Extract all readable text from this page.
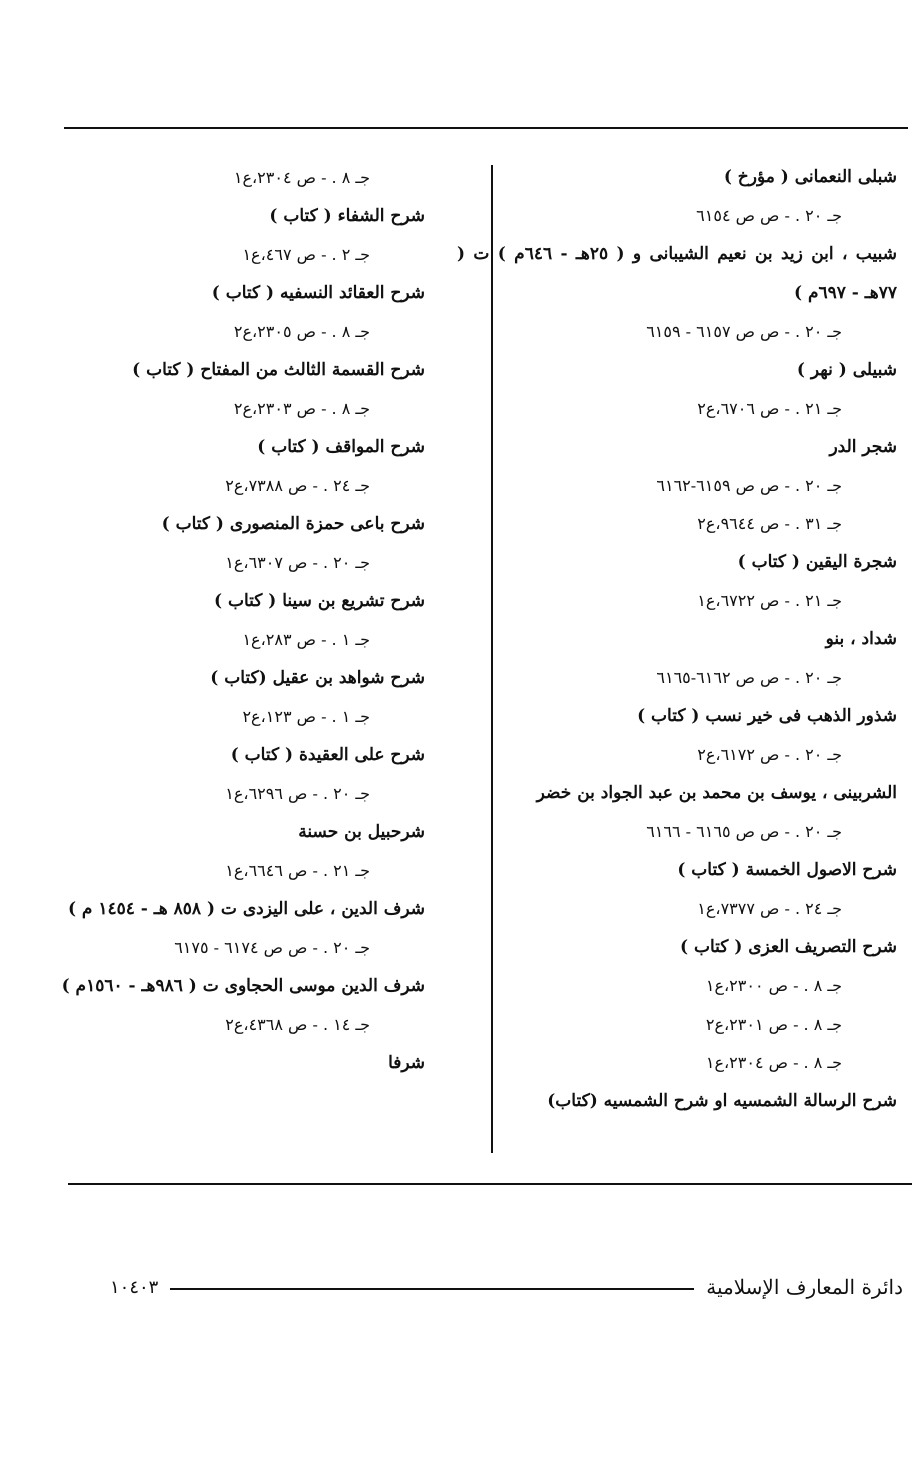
شبلى النعمانى ( مؤرخ )

جـ ٢٠ . - ص ص ٦١٥٤

شبيب ، ابن زيد بن نعيم الشيبانى و ( ٢٥هـ - ٦٤٦م ) ت ( ٧٧هـ - ٦٩٧م )

جـ ٢٠ . - ص ص ٦١٥٧ - ٦١٥٩

شبيلى ( نهر )

جـ ٢١ . - ص ٦٧٠٦،ع٢

شجر الدر

جـ ٢٠ . - ص ص ٦١٥٩-٦١٦٢

جـ ٣١ . - ص ٩٦٤٤،ع٢

شجرة اليقين ( كتاب )

جـ ٢١ . - ص ٦٧٢٢،ع١

شداد ، بنو

جـ ٢٠ . - ص ص ٦١٦٢-٦١٦٥

شذور الذهب فى خير نسب ( كتاب )

جـ ٢٠ . - ص ٦١٧٢،ع٢

الشربينى ، يوسف بن محمد بن عبد الجواد بن خضر

جـ ٢٠ . - ص ص ٦١٦٥ - ٦١٦٦

شرح الاصول الخمسة ( كتاب )

جـ ٢٤ . - ص ٧٣٧٧،ع١

شرح التصريف العزى ( كتاب )

جـ ٨ . - ص ٢٣٠٠،ع١

جـ ٨ . - ص ٢٣٠١،ع٢

جـ ٨ . - ص ٢٣٠٤،ع١

شرح الرسالة الشمسيه او شرح الشمسيه (كتاب)

جـ ٨ . - ص ٢٣٠٤،ع١

شرح الشفاء ( كتاب )

جـ ٢ . - ص ٤٦٧،ع١

شرح العقائد النسفيه ( كتاب )

جـ ٨ . - ص ٢٣٠٥،ع٢

شرح القسمة الثالث من المفتاح ( كتاب )

جـ ٨ . - ص ٢٣٠٣،ع٢

شرح المواقف ( كتاب )

جـ ٢٤ . - ص ٧٣٨٨،ع٢

شرح باعى حمزة المنصورى ( كتاب )

جـ ٢٠ . - ص ٦٣٠٧،ع١

شرح تشريع بن سينا ( كتاب )

جـ ١ . - ص ٢٨٣،ع١

شرح شواهد بن عقيل (كتاب )

جـ ١ . - ص ١٢٣،ع٢

شرح على العقيدة ( كتاب )

جـ ٢٠ . - ص ٦٢٩٦،ع١

شرحبيل بن حسنة

جـ ٢١ . - ص ٦٦٤٦،ع١

شرف الدين ، على اليزدى ت ( ٨٥٨ هـ - ١٤٥٤ م )

جـ ٢٠ . - ص ص ٦١٧٤ - ٦١٧٥

شرف الدين موسى الحجاوى ت ( ٩٨٦هـ - ١٥٦٠م )

جـ ١٤ . - ص ٤٣٦٨،ع٢

شرفا

دائرة المعارف الإسلامية
١٠٤٠٣
